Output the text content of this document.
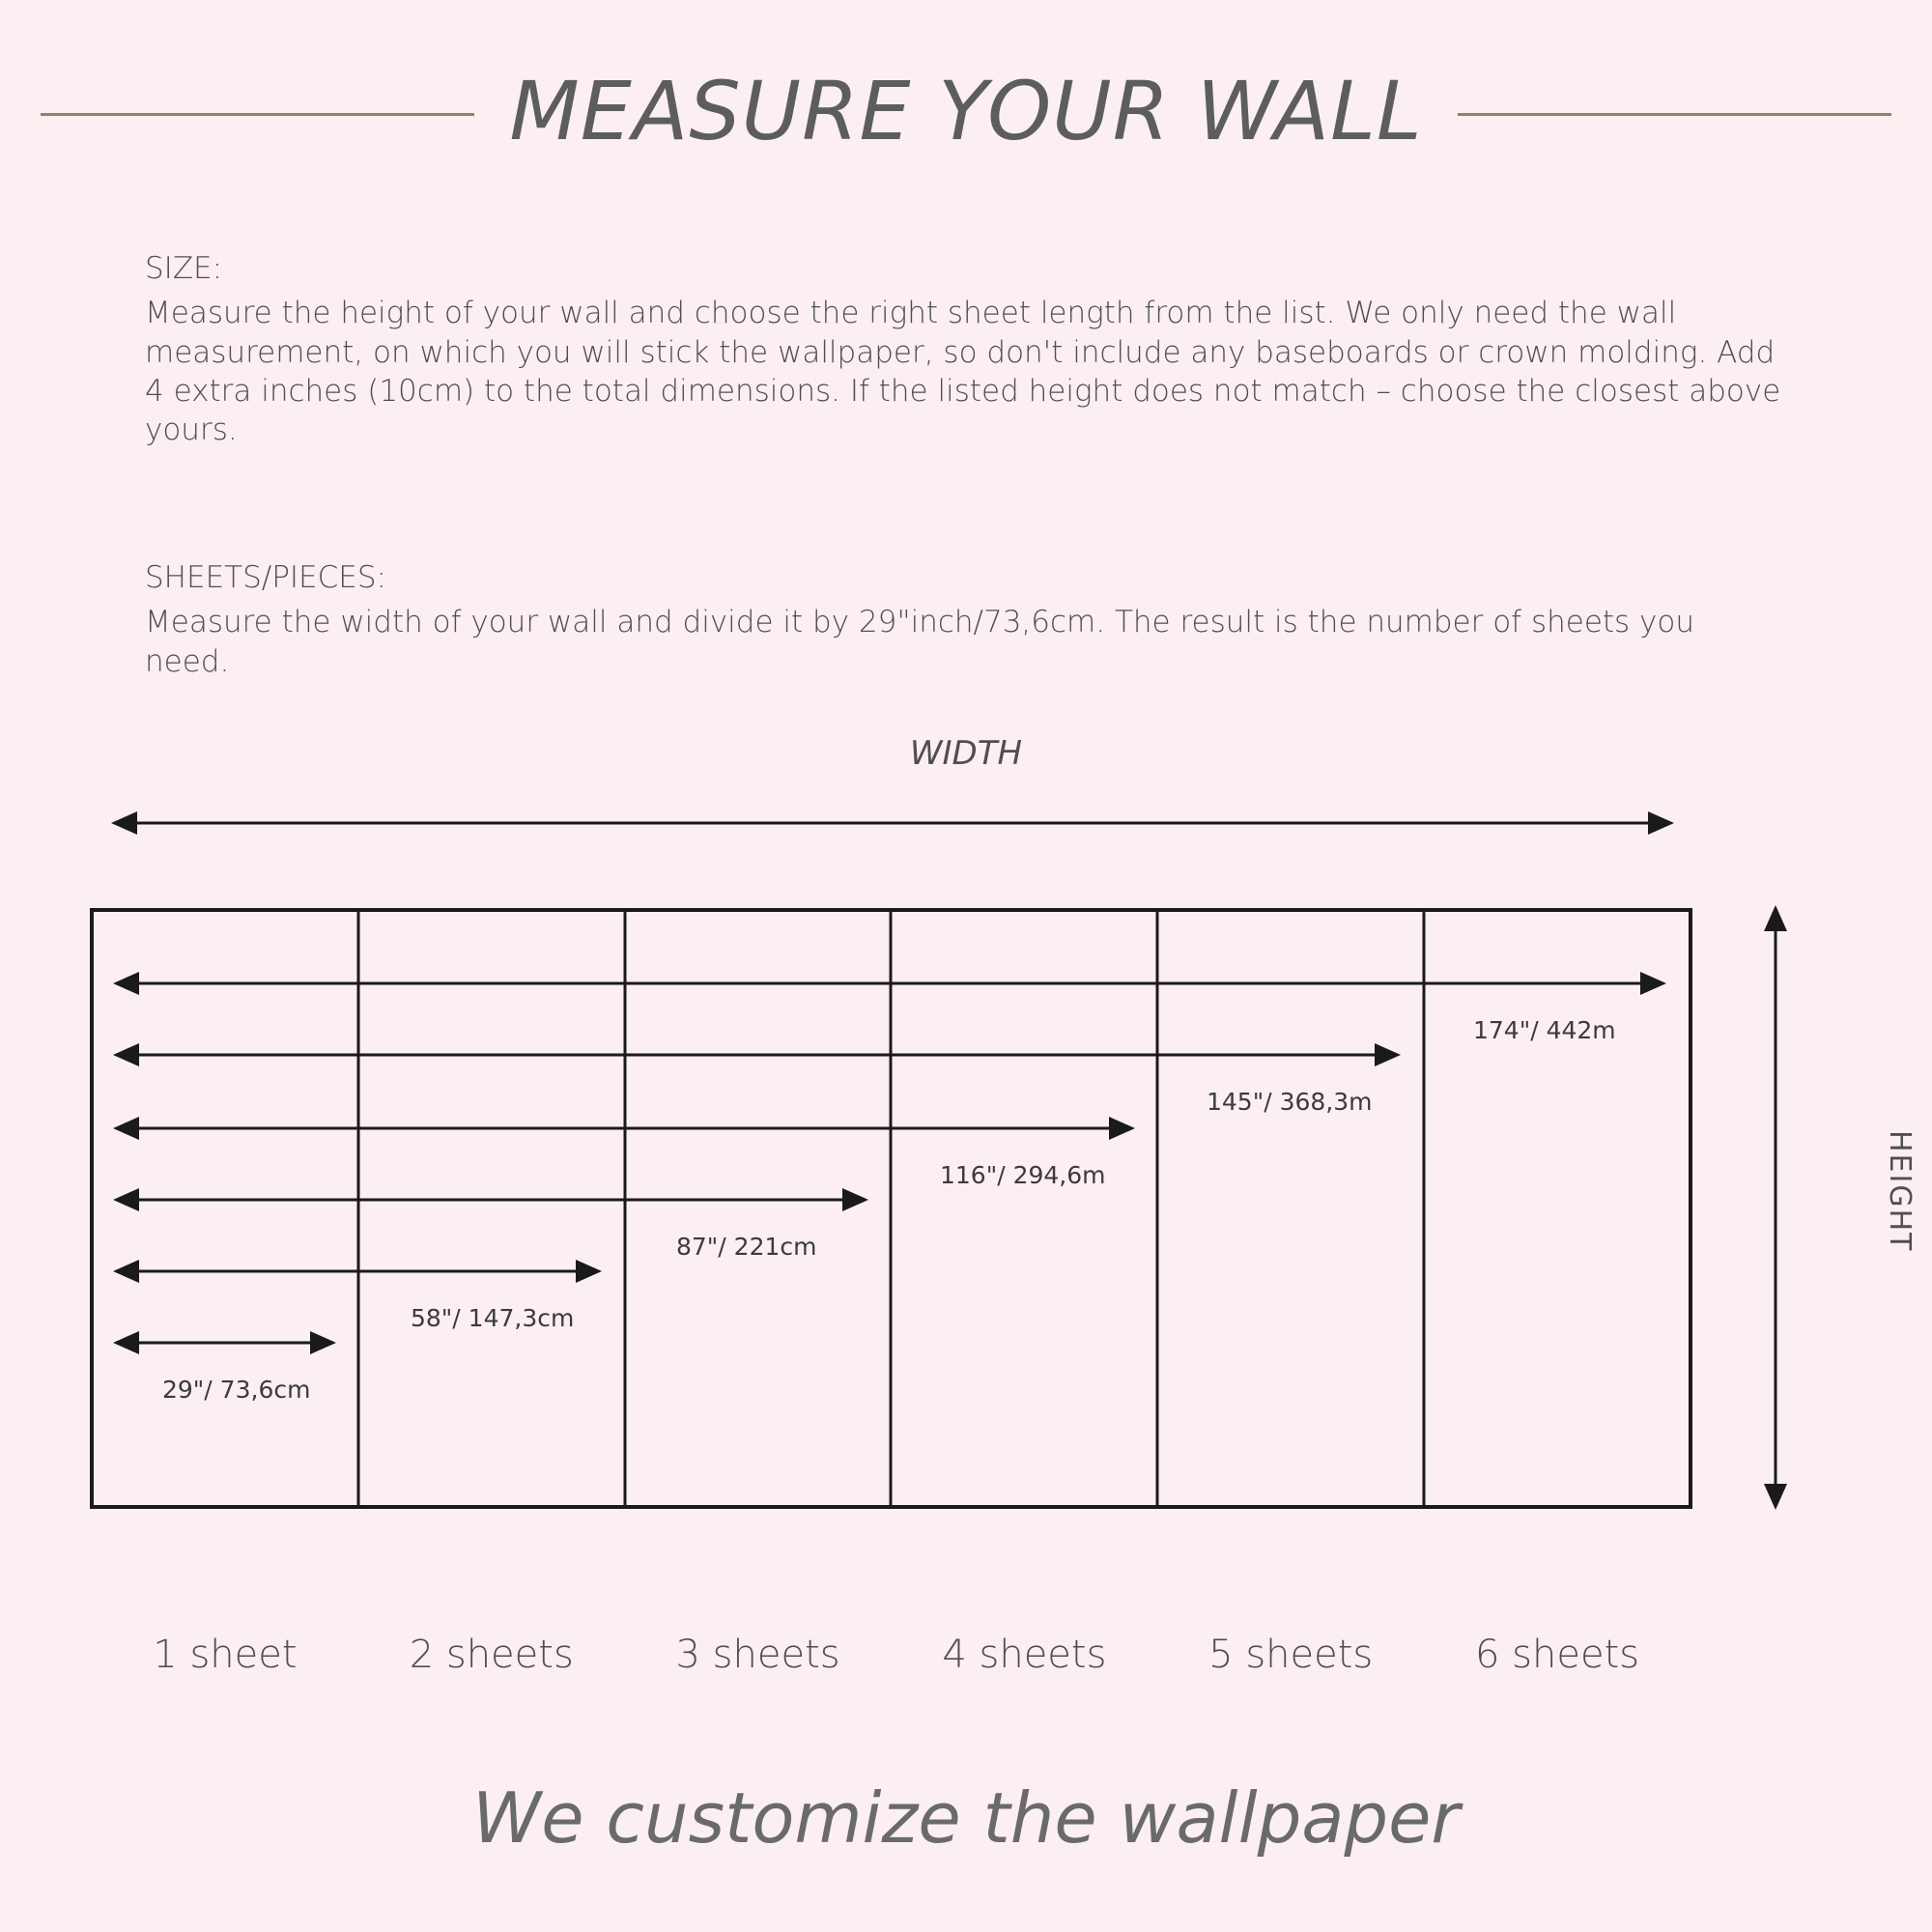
MEASURE YOUR WALL
SIZE:
Measure the height of your wall and choose the right sheet length from the list. We only need the wall measurement, on which you will stick the wallpaper, so don't include any baseboards or crown molding. Add 4 extra inches (10cm) to the total dimensions. If the listed height does not match – choose the closest above yours.
SHEETS/PIECES:
Measure the width of your wall and divide it by 29"inch/73,6cm. The result is the number of sheets you need.
WIDTH
HEIGHT
174"/ 442m
145"/ 368,3m
116"/ 294,6m
87"/ 221cm
58"/ 147,3cm
29"/ 73,6cm
1 sheet	2 sheets	3 sheets	4 sheets	5 sheets	6 sheets
We customize the wallpaper
